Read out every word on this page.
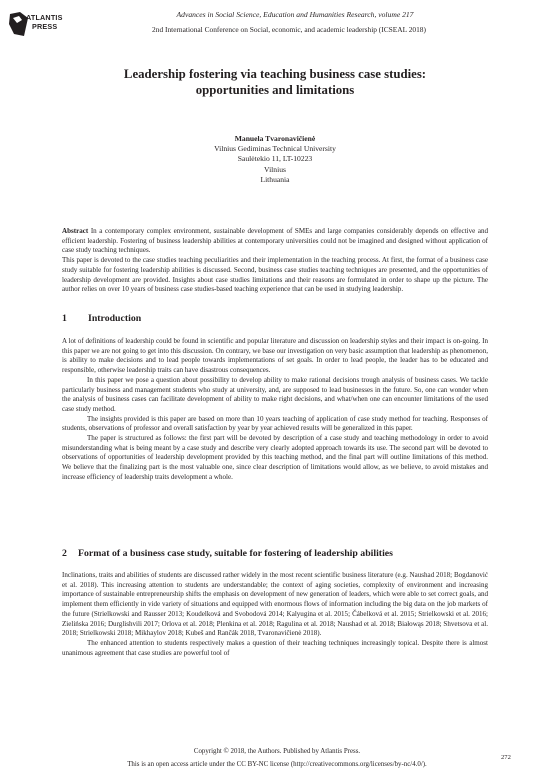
ATLANTIS
PRESS
Advances in Social Science, Education and Humanities Research, volume 217
2nd International Conference on Social, economic, and academic leadership (ICSEAL 2018)
Leadership fostering via teaching business case studies:
opportunities and limitations
Manuela Tvaronavičienė
Vilnius Gediminas Technical University
Saulėtekio 11, LT-10223
Vilnius
Lithuania

Abstract In a contemporary complex environment, sustainable development of SMEs and large companies considerably depends on effective and efficient leadership. Fostering of business leadership abilities at contemporary universities could not be imagined and designed without application of case study teaching techniques.

This paper is devoted to the case studies teaching peculiarities and their implementation in the teaching process. At first, the format of a business case study suitable for fostering leadership abilities is discussed. Second, business case studies teaching techniques are presented, and the opportunities of leadership development are provided. Insights about case studies limitations and their reasons are formulated in order to shape up the picture. The author relies on over 10 years of business case studies-based teaching experience that can be used in studying leadership.

1 Introduction

A lot of definitions of leadership could be found in scientific and popular literature and discussion on leadership styles and their impact is on-going. In this paper we are not going to get into this discussion. On contrary, we base our investigation on very basic assumption that leadership as phenomenon, is ability to make decisions and to lead people towards implementations of set goals. In order to lead people, the leader has to be educated and responsible, otherwise leadership traits can have disastrous consequences.

In this paper we pose a question about possibility to develop ability to make rational decisions trough analysis of business cases. We tackle particularly business and management students who study at university, and, are supposed to lead businesses in the future. So, one can wonder when the analysis of business cases can facilitate development of ability to make right decisions, and what/when one can encounter limitations of the used case study method.

The insights provided is this paper are based on more than 10 years teaching of application of case study method for teaching. Responses of students, observations of professor and overall satisfaction by year by year achieved results will be generalized in this paper.

The paper is structured as follows: the first part will be devoted by description of a case study and teaching methodology in order to avoid misunderstanding what is being meant by a case study and describe very clearly adopted approach towards its use. The second part will be devoted to observations of opportunities of leadership development provided by this teaching method, and the final part will outline limitations of this method. We believe that the finalizing part is the most valuable one, since clear description of limitations would allow, as we believe, to avoid mistakes and increase efficiency of leadership traits development a whole.

2 Format of a business case study, suitable for fostering of leadership abilities

Inclinations, traits and abilities of students are discussed rather widely in the most recent scientific business literature (e.g. Naushad 2018; Bogdanović et al. 2018). This increasing attention to students are understandable; the context of aging societies, complexity of environment and increasing importance of sustainable entrepreneurship shifts the emphasis on development of new generation of leaders, which were able to set correct goals, and implement them efficiently in vide variety of situations and equipped with enormous flows of information including the big data on the job markets of the future (Strielkowski and Rausser 2013; Koudelková and Svobodová 2014; Kalyugina et al. 2015; Čábelková et al. 2015; Strielkowski et al. 2016; Zielińska 2016; Durglishvili 2017; Orlova et al. 2018; Plenkina et al. 2018; Ragulina et al. 2018; Naushad et al. 2018; Białowąs 2018; Shvetsova et al. 2018; Strielkowski 2018; Mikhaylov 2018; Kubeš and Rančák 2018, Tvaronavičienė 2018).

The enhanced attention to students respectively makes a question of their teaching techniques increasingly topical. Despite there is almost unanimous agreement that case studies are powerful tool of

Copyright © 2018, the Authors. Published by Atlantis Press.
This is an open access article under the CC BY-NC license (http://creativecommons.org/licenses/by-nc/4.0/).
272
